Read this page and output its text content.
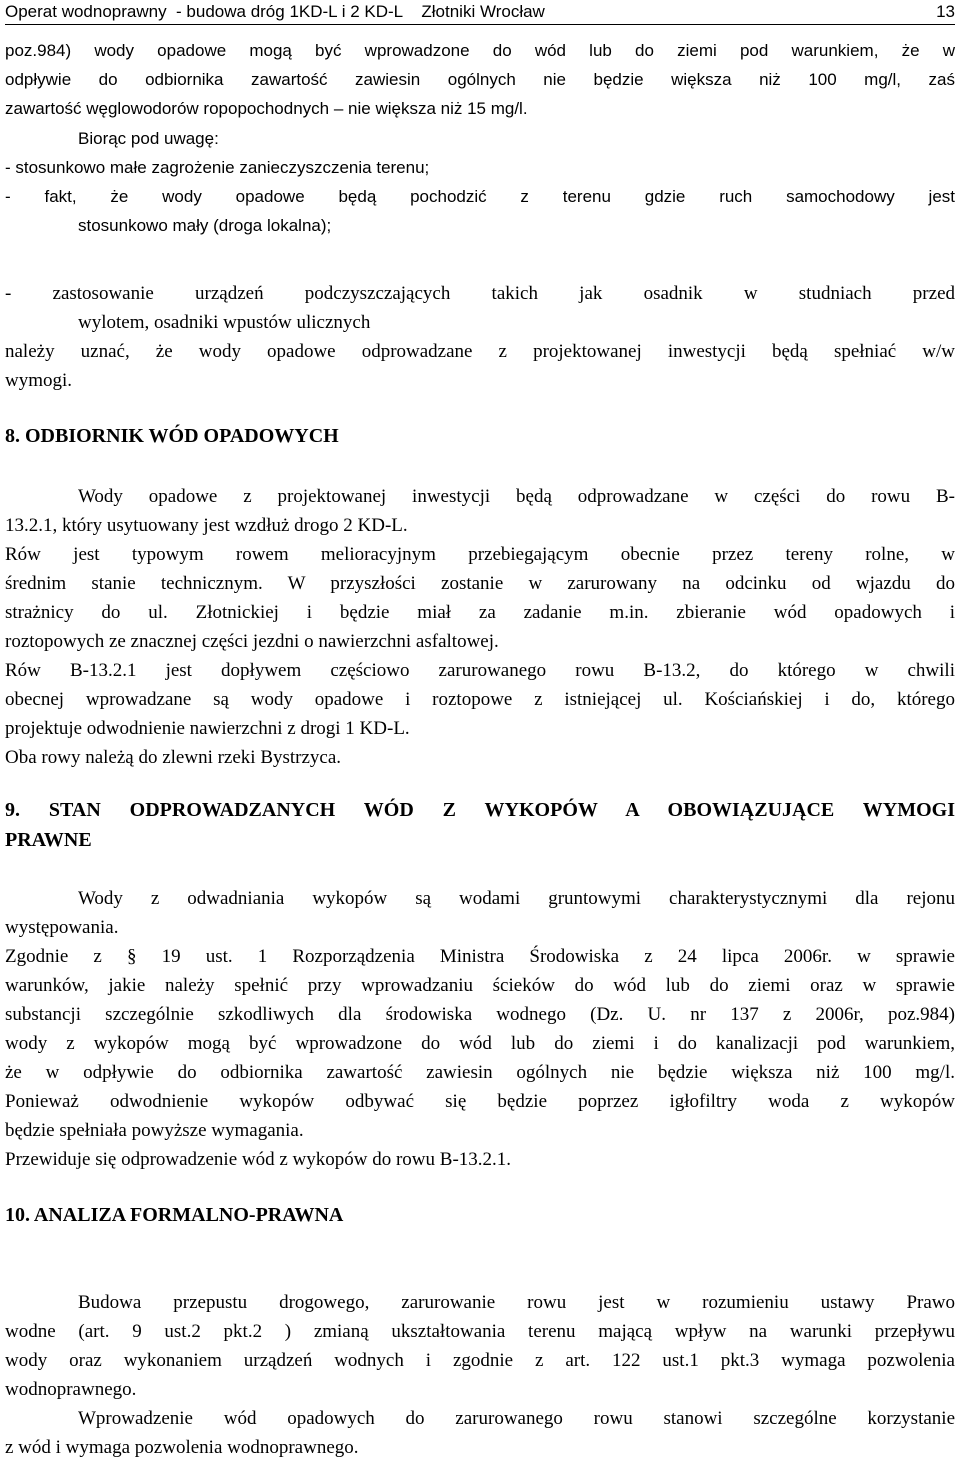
Operat wodnoprawny  - budowa dróg 1KD-L i 2 KD-L    Złotniki Wrocław	13
poz.984) wody opadowe mogą być wprowadzone do wód lub do ziemi pod warunkiem, że w
odpływie do odbiornika zawartość zawiesin ogólnych nie będzie większa niż 100 mg/l, zaś
zawartość węglowodorów ropopochodnych – nie większa niż 15 mg/l.
Biorąc pod uwagę:
- stosunkowo małe zagrożenie zanieczyszczenia terenu;
- fakt, że wody opadowe będą pochodzić z terenu gdzie ruch samochodowy jest
stosunkowo mały (droga lokalna);
- zastosowanie urządzeń podczyszczających takich jak osadnik w studniach przed
wylotem, osadniki wpustów ulicznych
należy uznać, że wody opadowe odprowadzane z projektowanej inwestycji będą spełniać w/w
wymogi.
8. ODBIORNIK WÓD OPADOWYCH
Wody opadowe z projektowanej inwestycji będą odprowadzane w części do rowu B-
13.2.1, który usytuowany jest wzdłuż drogo 2 KD-L.
Rów jest typowym rowem melioracyjnym przebiegającym obecnie przez tereny rolne, w
średnim stanie technicznym. W przyszłości zostanie w zarurowany na odcinku od wjazdu do
strażnicy do ul. Złotnickiej i będzie miał za zadanie m.in. zbieranie wód opadowych i
roztopowych ze znacznej części jezdni o nawierzchni asfaltowej.
Rów B-13.2.1 jest dopływem częściowo zarurowanego rowu B-13.2, do którego w chwili
obecnej wprowadzane są wody opadowe i roztopowe z istniejącej ul. Kościańskiej i do, którego
projektuje odwodnienie nawierzchni z drogi 1 KD-L.
Oba rowy należą do zlewni rzeki Bystrzyca.
9. STAN ODPROWADZANYCH WÓD Z WYKOPÓW A OBOWIĄZUJĄCE WYMOGI
PRAWNE
Wody z odwadniania wykopów są wodami gruntowymi charakterystycznymi dla rejonu
występowania.
Zgodnie z § 19 ust. 1 Rozporządzenia Ministra Środowiska z 24 lipca 2006r. w sprawie
warunków, jakie należy spełnić przy wprowadzaniu ścieków do wód lub do ziemi oraz w sprawie
substancji szczególnie szkodliwych dla środowiska wodnego (Dz. U. nr 137 z 2006r, poz.984)
wody z wykopów mogą być wprowadzone do wód lub do ziemi i do kanalizacji pod warunkiem,
że w odpływie do odbiornika zawartość zawiesin ogólnych nie będzie większa niż 100 mg/l.
Ponieważ odwodnienie wykopów odbywać się będzie poprzez igłofiltry woda z wykopów
będzie spełniała powyższe wymagania.
Przewiduje się odprowadzenie wód z wykopów do rowu B-13.2.1.
10. ANALIZA FORMALNO-PRAWNA
Budowa przepustu drogowego, zarurowanie rowu jest w rozumieniu ustawy Prawo
wodne (art. 9 ust.2 pkt.2 ) zmianą ukształtowania terenu mającą wpływ na warunki przepływu
wody oraz wykonaniem urządzeń wodnych i zgodnie z art. 122 ust.1 pkt.3 wymaga pozwolenia
wodnoprawnego.
Wprowadzenie wód opadowych do zarurowanego rowu stanowi szczególne korzystanie
z wód i wymaga pozwolenia wodnoprawnego.
